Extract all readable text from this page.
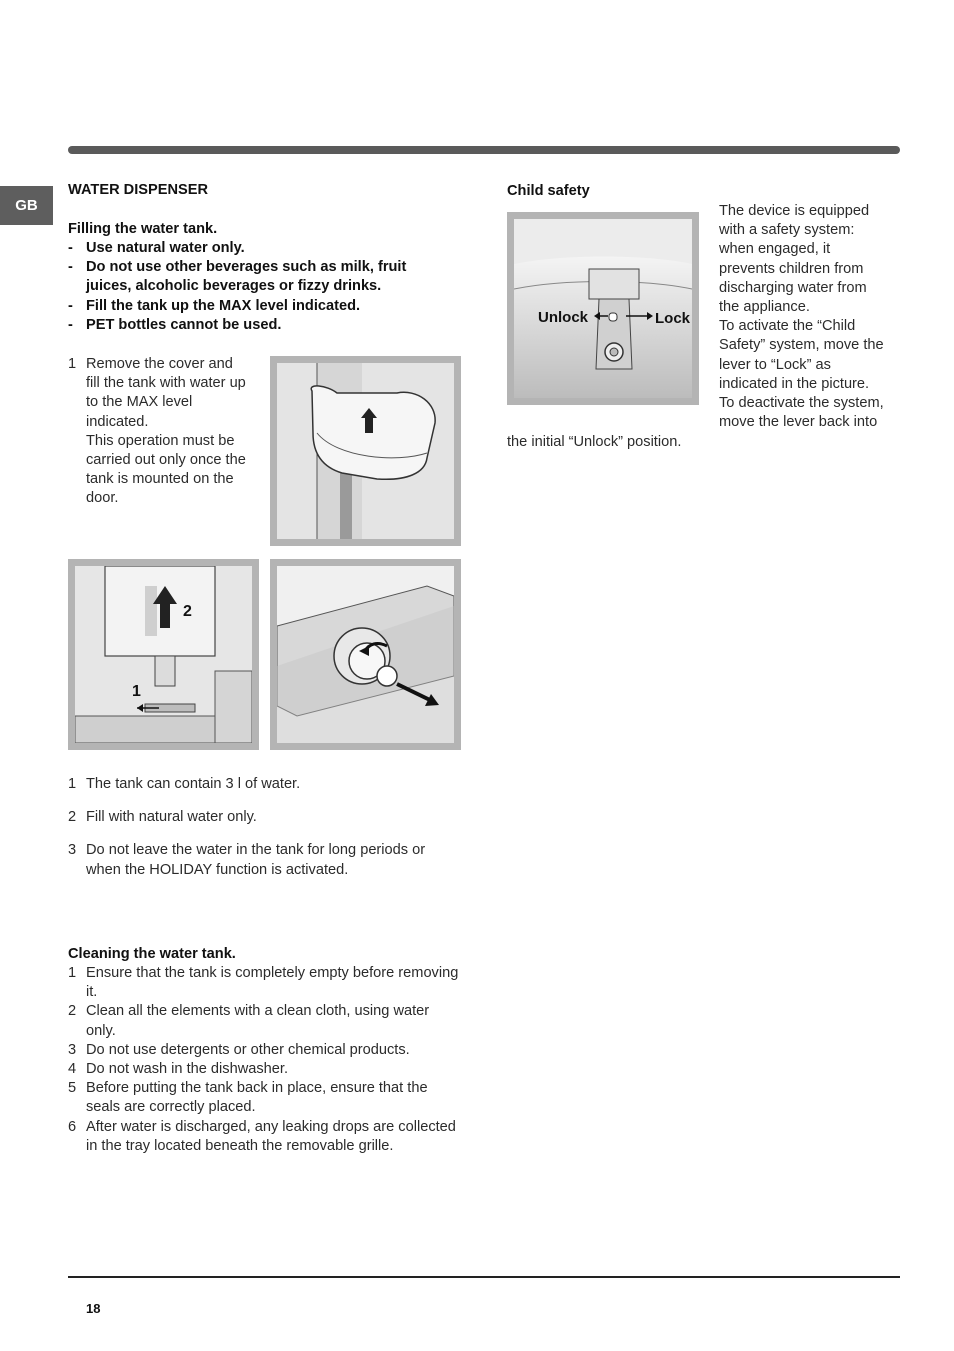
GB
WATER DISPENSER
Filling the water tank.
- Use natural water only.
- Do not use other beverages such as milk, fruit juices, alcoholic beverages or fizzy drinks.
- Fill the tank up the MAX level indicated.
- PET bottles cannot be used.
1 Remove the cover and fill the tank with water up to the MAX level indicated.
This operation must be carried out only once the tank is mounted on the door.
2
1
1 The tank can contain 3 l of water.
2 Fill with natural water only.
3 Do not leave the water in the tank for long periods or when the HOLIDAY function is activated.
Cleaning the water tank.
1 Ensure that the tank is completely empty before removing it.
2 Clean all the elements with a clean cloth, using water only.
3 Do not use detergents or other chemical products.
4 Do not wash in the dishwasher.
5 Before putting the tank back in place, ensure that the seals are correctly placed.
6 After water is discharged, any leaking drops are collected in the tray located beneath the removable grille.
Child safety
Unlock	Lock
The device is equipped
with a safety system:
when engaged, it
prevents children from
discharging water from
the appliance.
To activate the “Child
Safety” system, move the
lever to “Lock” as
indicated in the picture.
To deactivate the system,
move the lever back into
the initial “Unlock” position.
18
